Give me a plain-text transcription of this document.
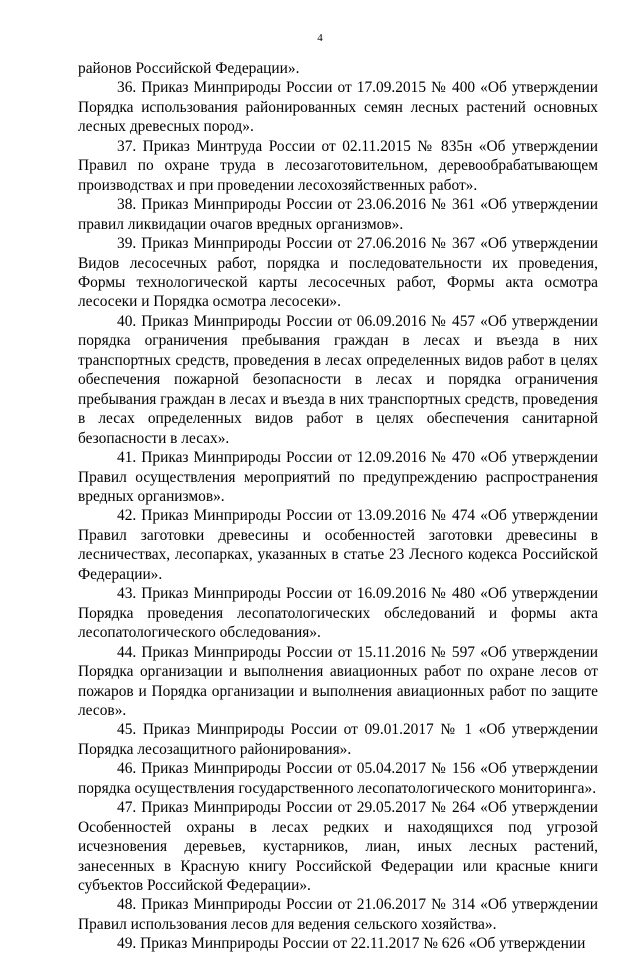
4

районов Российской Федерации».

36. Приказ Минприроды России от 17.09.2015 № 400 «Об утверждении Порядка использования районированных семян лесных растений основных лесных древесных пород».

37. Приказ Минтруда России от 02.11.2015 № 835н «Об утверждении Правил по охране труда в лесозаготовительном, деревообрабатывающем производствах и при проведении лесохозяйственных работ».

38. Приказ Минприроды России от 23.06.2016 № 361 «Об утверждении правил ликвидации очагов вредных организмов».

39. Приказ Минприроды России от 27.06.2016 № 367 «Об утверждении Видов лесосечных работ, порядка и последовательности их проведения, Формы технологической карты лесосечных работ, Формы акта осмотра лесосеки и Порядка осмотра лесосеки».

40. Приказ Минприроды России от 06.09.2016 № 457 «Об утверждении порядка ограничения пребывания граждан в лесах и въезда в них транспортных средств, проведения в лесах определенных видов работ в целях обеспечения пожарной безопасности в лесах и порядка ограничения пребывания граждан в лесах и въезда в них транспортных средств, проведения в лесах определенных видов работ в целях обеспечения санитарной безопасности в лесах».

41. Приказ Минприроды России от 12.09.2016 № 470 «Об утверждении Правил осуществления мероприятий по предупреждению распространения вредных организмов».

42. Приказ Минприроды России от 13.09.2016 № 474 «Об утверждении Правил заготовки древесины и особенностей заготовки древесины в лесничествах, лесопарках, указанных в статье 23 Лесного кодекса Российской Федерации».

43. Приказ Минприроды России от 16.09.2016 № 480 «Об утверждении Порядка проведения лесопатологических обследований и формы акта лесопатологического обследования».

44. Приказ Минприроды России от 15.11.2016 № 597 «Об утверждении Порядка организации и выполнения авиационных работ по охране лесов от пожаров и Порядка организации и выполнения авиационных работ по защите лесов».

45. Приказ Минприроды России от 09.01.2017 № 1 «Об утверждении Порядка лесозащитного районирования».

46. Приказ Минприроды России от 05.04.2017 № 156 «Об утверждении порядка осуществления государственного лесопатологического мониторинга».

47. Приказ Минприроды России от 29.05.2017 № 264 «Об утверждении Особенностей охраны в лесах редких и находящихся под угрозой исчезновения деревьев, кустарников, лиан, иных лесных растений, занесенных в Красную книгу Российской Федерации или красные книги субъектов Российской Федерации».

48. Приказ Минприроды России от 21.06.2017 № 314 «Об утверждении Правил использования лесов для ведения сельского хозяйства».

49. Приказ Минприроды России от 22.11.2017 № 626 «Об утверждении
